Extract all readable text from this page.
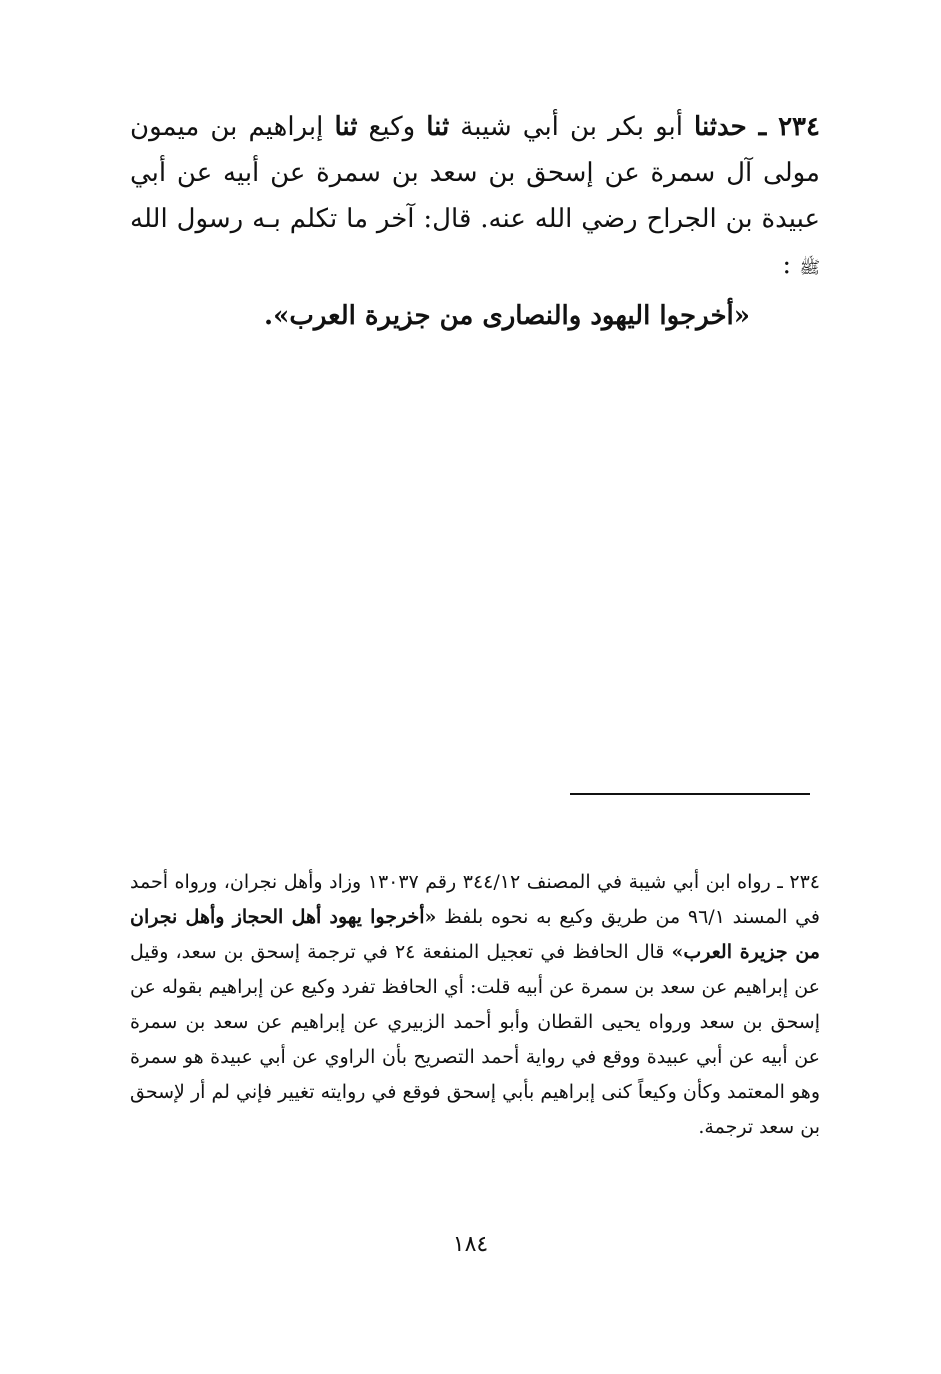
٢٣٤ ـ حدثنا أبو بكر بن أبي شيبة ثنا وكيع ثنا إبراهيم بن ميمون مولى آل سمرة عن إسحق بن سعد بن سمرة عن أبيه عن أبي عبيدة بن الجراح رضي الله عنه. قال: آخر ما تكلم بـه رسول الله ﷺ :

«أخرجوا اليهود والنصارى من جزيرة العرب».

٢٣٤ ـ رواه ابن أبي شيبة في المصنف ٣٤٤/١٢ رقم ١٣٠٣٧ وزاد وأهل نجران، ورواه أحمد في المسند ٩٦/١ من طريق وكيع به نحوه بلفظ «أخرجوا يهود أهل الحجاز وأهل نجران من جزيرة العرب» قال الحافظ في تعجيل المنفعة ٢٤ في ترجمة إسحق بن سعد، وقيل عن إبراهيم عن سعد بن سمرة عن أبيه قلت: أي الحافظ تفرد وكيع عن إبراهيم بقوله عن إسحق بن سعد ورواه يحيى القطان وأبو أحمد الزبيري عن إبراهيم عن سعد بن سمرة عن أبيه عن أبي عبيدة ووقع في رواية أحمد التصريح بأن الراوي عن أبي عبيدة هو سمرة وهو المعتمد وكأن وكيعاً كنى إبراهيم بأبي إسحق فوقع في روايته تغيير فإني لم أر لإسحق بن سعد ترجمة.

١٨٤
